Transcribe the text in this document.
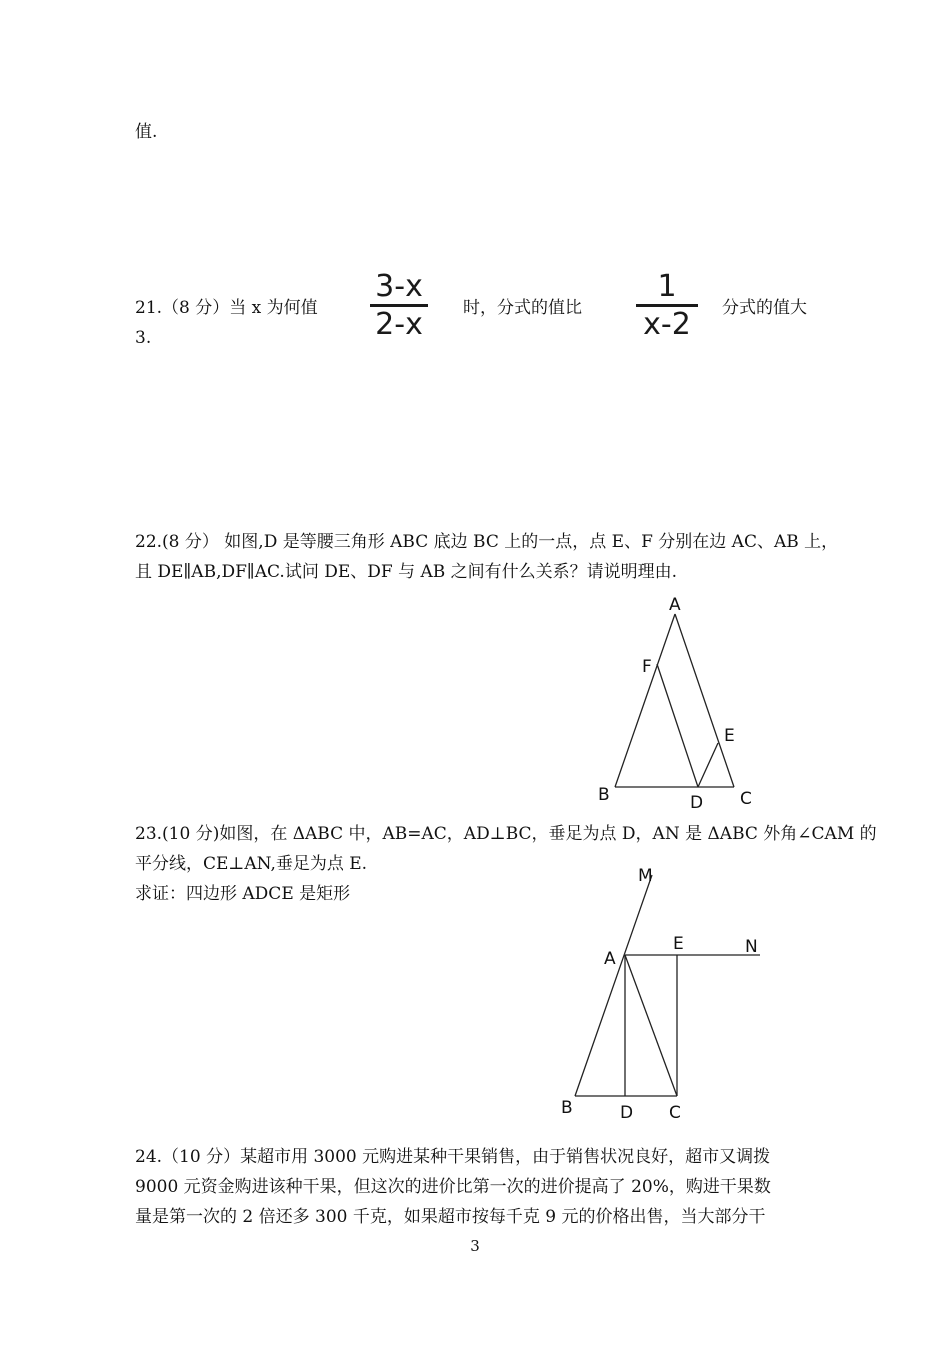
值.
21.（8 分）当 x 为何值
3-x
2-x	时，分式的值比
1
x-2	分式的值大
3.
22.(8 分） 如图,D 是等腰三角形 ABC 底边 BC 上的一点，点 E、F 分别在边 AC、AB 上，
且 DE∥AB,DF∥AC.试问 DE、DF 与 AB 之间有什么关系？请说明理由.
A
F
E
B	D C
23.(10 分)如图，在 ΔABC 中，AB=AC，AD⊥BC，垂足为点 D，AN 是 ΔABC 外角∠CAM 的
平分线，CE⊥AN,垂足为点 E.
求证：四边形 ADCE 是矩形
M
A
E	N
B	D C
24.（10 分）某超市用 3000 元购进某种干果销售，由于销售状况良好，超市又调拨
9000 元资金购进该种干果，但这次的进价比第一次的进价提高了 20%，购进干果数
量是第一次的 2 倍还多 300 千克，如果超市按每千克 9 元的价格出售，当大部分干
3
